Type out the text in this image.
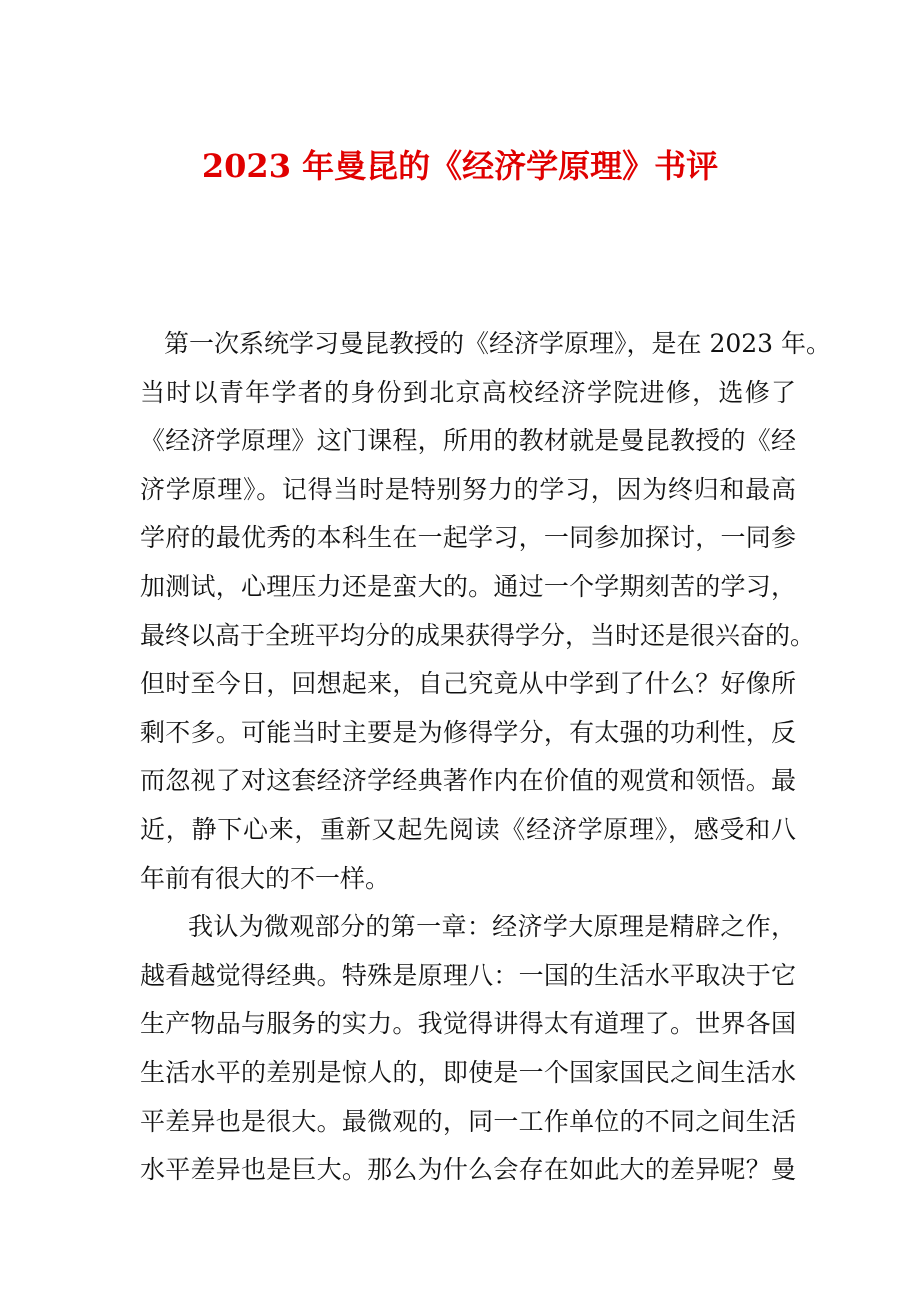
2023 年曼昆的《经济学原理》书评
第一次系统学习曼昆教授的《经济学原理》，是在 2023 年。
当时以青年学者的身份到北京高校经济学院进修，选修了
《经济学原理》这门课程，所用的教材就是曼昆教授的《经
济学原理》。记得当时是特别努力的学习，因为终归和最高
学府的最优秀的本科生在一起学习，一同参加探讨，一同参
加测试，心理压力还是蛮大的。通过一个学期刻苦的学习，
最终以高于全班平均分的成果获得学分，当时还是很兴奋的。
但时至今日，回想起来，自己究竟从中学到了什么？好像所
剩不多。可能当时主要是为修得学分，有太强的功利性，反
而忽视了对这套经济学经典著作内在价值的观赏和领悟。最
近，静下心来，重新又起先阅读《经济学原理》，感受和八
年前有很大的不一样。
我认为微观部分的第一章：经济学大原理是精辟之作，
越看越觉得经典。特殊是原理八：一国的生活水平取决于它
生产物品与服务的实力。我觉得讲得太有道理了。世界各国
生活水平的差别是惊人的，即使是一个国家国民之间生活水
平差异也是很大。最微观的，同一工作单位的不同之间生活
水平差异也是巨大。那么为什么会存在如此大的差异呢？曼
